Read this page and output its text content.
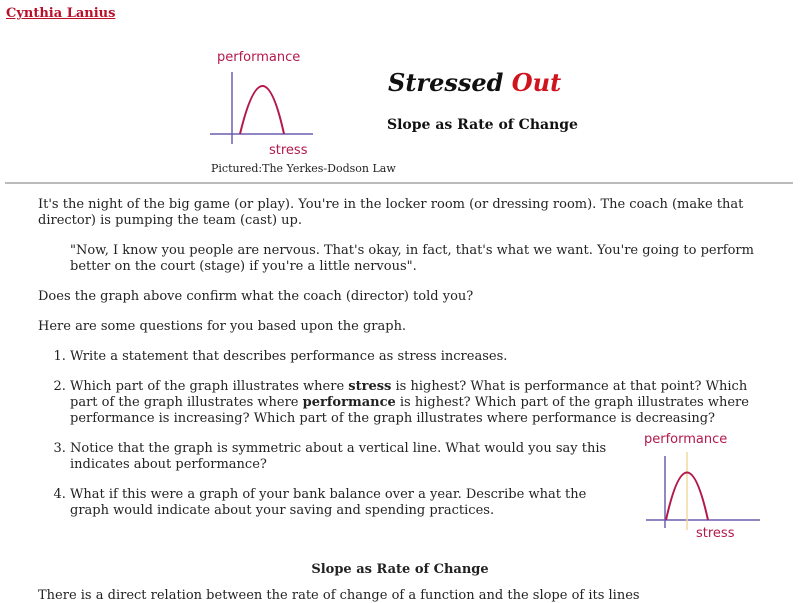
Cynthia Lanius
performance
stress
Pictured:The Yerkes-Dodson Law
Stressed Out
Slope as Rate of Change

It's the night of the big game (or play). You're in the locker room (or dressing room). The coach (make that director) is pumping the team (cast) up.

"Now, I know you people are nervous. That's okay, in fact, that's what we want. You're going to perform better on the court (stage) if you're a little nervous".

Does the graph above confirm what the coach (director) told you?

Here are some questions for you based upon the graph.

1. Write a statement that describes performance as stress increases.
2. Which part of the graph illustrates where stress is highest? What is performance at that point? Which part of the graph illustrates where performance is highest? Which part of the graph illustrates where performance is increasing? Which part of the graph illustrates where performance is decreasing?
3. Notice that the graph is symmetric about a vertical line. What would you say this indicates about performance?
4. What if this were a graph of your bank balance over a year. Describe what the graph would indicate about your saving and spending practices.
performance
stress
Slope as Rate of Change
There is a direct relation between the rate of change of a function and the slope of its lines
